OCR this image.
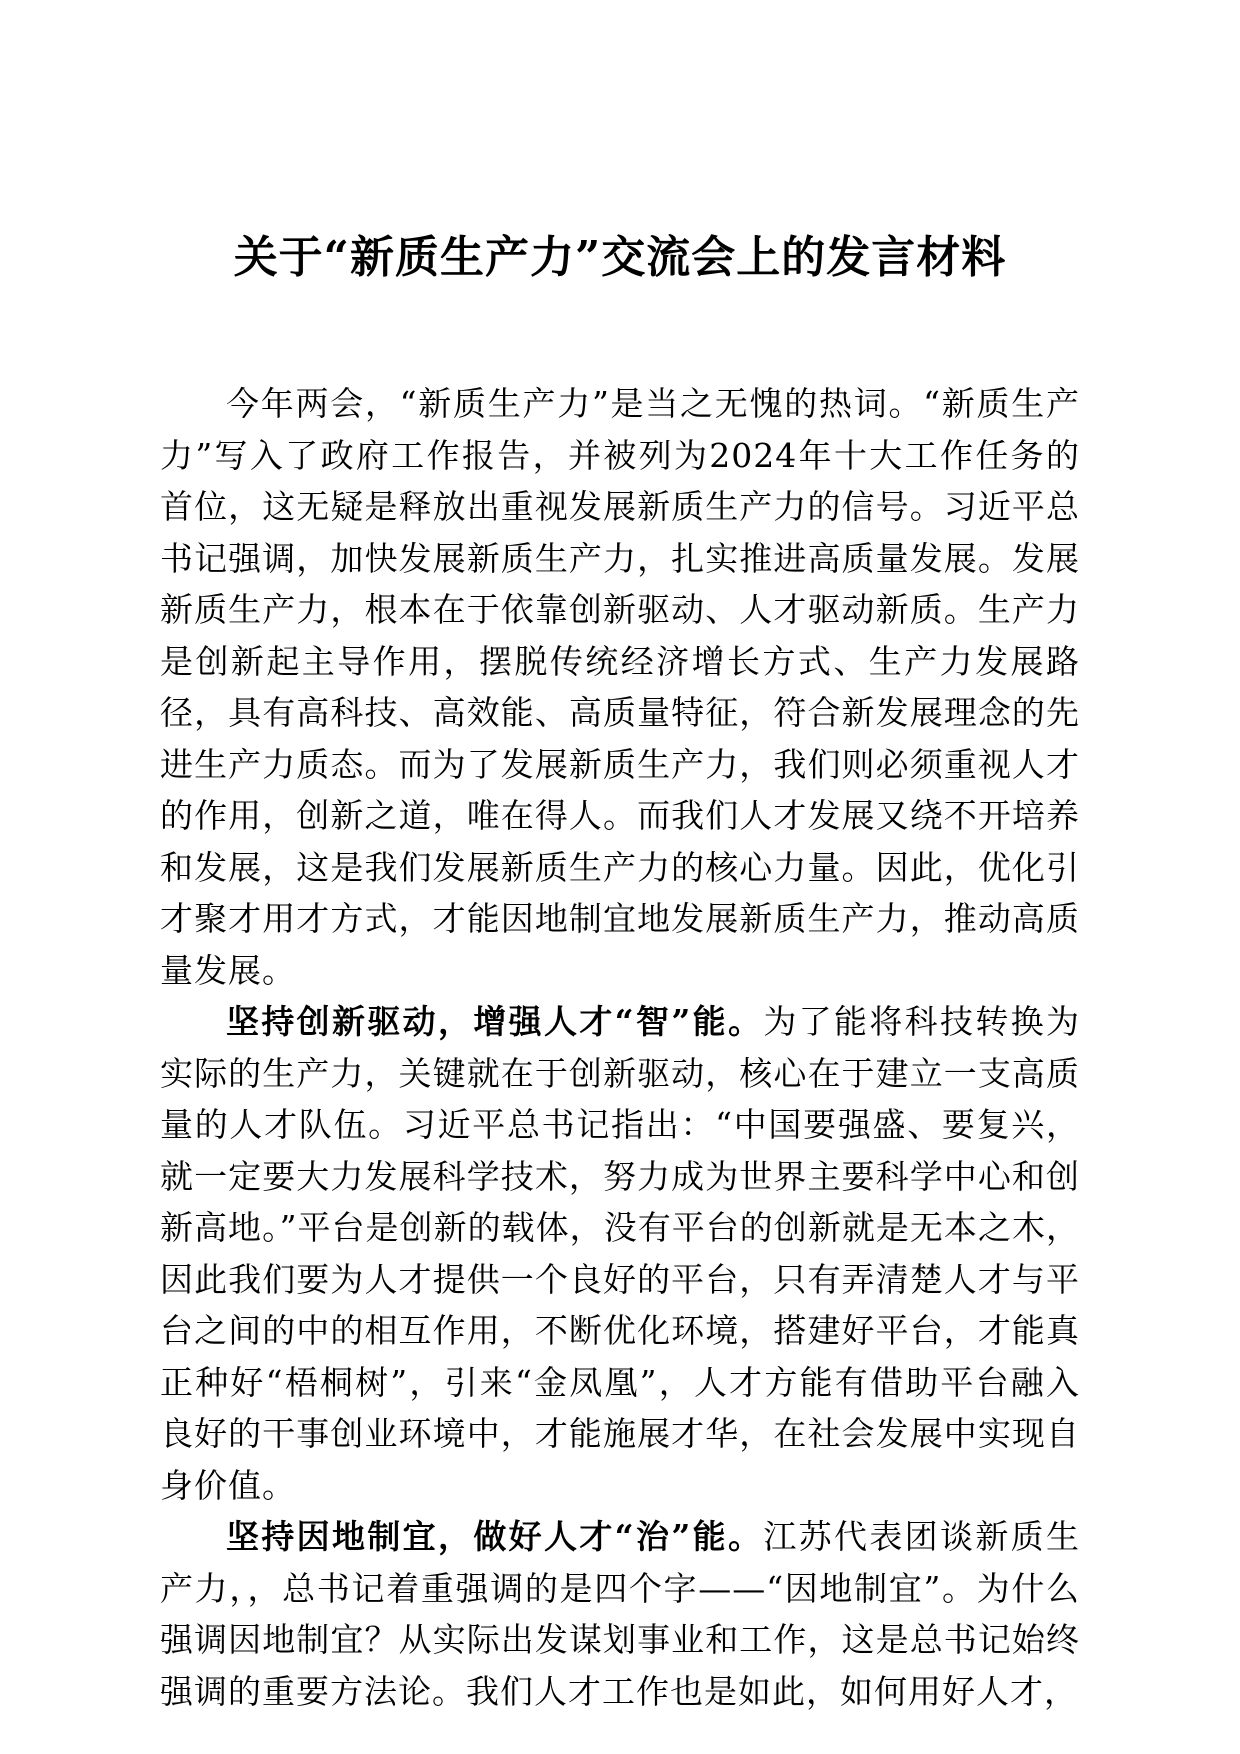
关于“新质生产力”交流会上的发言材料

今年两会，“新质生产力”是当之无愧的热词。“新质生产力”写入了政府工作报告，并被列为2024年十大工作任务的首位，这无疑是释放出重视发展新质生产力的信号。习近平总书记强调，加快发展新质生产力，扎实推进高质量发展。发展新质生产力，根本在于依靠创新驱动、人才驱动新质。生产力是创新起主导作用，摆脱传统经济增长方式、生产力发展路径，具有高科技、高效能、高质量特征，符合新发展理念的先进生产力质态。而为了发展新质生产力，我们则必须重视人才的作用，创新之道，唯在得人。而我们人才发展又绕不开培养和发展，这是我们发展新质生产力的核心力量。因此，优化引才聚才用才方式，才能因地制宜地发展新质生产力，推动高质量发展。

坚持创新驱动，增强人才“智”能。为了能将科技转换为实际的生产力，关键就在于创新驱动，核心在于建立一支高质量的人才队伍。习近平总书记指出：“中国要强盛、要复兴，就一定要大力发展科学技术，努力成为世界主要科学中心和创新高地。”平台是创新的载体，没有平台的创新就是无本之木，因此我们要为人才提供一个良好的平台，只有弄清楚人才与平台之间的中的相互作用，不断优化环境，搭建好平台，才能真正种好“梧桐树”，引来“金凤凰”，人才方能有借助平台融入良好的干事创业环境中，才能施展才华，在社会发展中实现自身价值。

坚持因地制宜，做好人才“治”能。江苏代表团谈新质生产力，，总书记着重强调的是四个字——“因地制宜”。为什么强调因地制宜？从实际出发谋划事业和工作，这是总书记始终强调的重要方法论。我们人才工作也是如此，如何用好人才，
